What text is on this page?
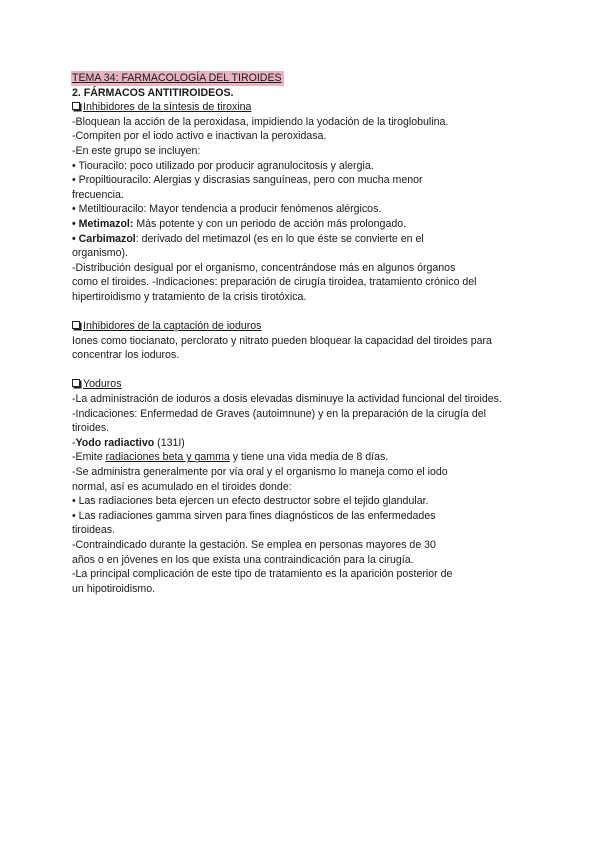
TEMA 34: FARMACOLOGÍA DEL TIROIDES
2. FÁRMACOS ANTITIROIDEOS.
Inhibidores de la síntesis de tiroxina
-Bloquean la acción de la peroxidasa, impidiendo la yodación de la tiroglobulina.
-Compiten por el iodo activo e inactivan la peroxidasa.
-En este grupo se incluyen:
• Tiouracilo: poco utilizado por producir agranulocitosis y alergia.
• Propiltiouracilo: Alergias y discrasias sanguíneas, pero con mucha menor
frecuencia.
• Metiltiouracilo: Mayor tendencia a producir fenómenos alérgicos.
• Metimazol: Más potente y con un periodo de acción más prolongado.
• Carbimazol: derivado del metimazol (es en lo que éste se convierte en el
organismo).
-Distribución desigual por el organismo, concentrándose más en algunos órganos
como el tiroides. -Indicaciones: preparación de cirugía tiroidea, tratamiento crónico del
hipertiroidismo y tratamiento de la crisis tirotóxica.
Inhibidores de la captación de ioduros
Iones como tiocianato, perclorato y nitrato pueden bloquear la capacidad del tiroides para
concentrar los ioduros.
Yoduros
-La administración de ioduros a dosis elevadas disminuye la actividad funcional del tiroides.
-Indicaciones: Enfermedad de Graves (autoimnune) y en la preparación de la cirugía del
tiroides.
-Yodo radiactivo (131I)
-Emite radiaciones beta y gamma y tiene una vida media de 8 días.
-Se administra generalmente por vía oral y el organismo lo maneja como el iodo
normal, así es acumulado en el tiroides donde:
• Las radiaciones beta ejercen un efecto destructor sobre el tejido glandular.
• Las radiaciones gamma sirven para fines diagnósticos de las enfermedades
tiroideas.
-Contraindicado durante la gestación. Se emplea en personas mayores de 30
años o en jóvenes en los que exista una contraindicación para la cirugía.
-La principal complicación de este tipo de tratamiento es la aparición posterior de
un hipotiroidismo.
